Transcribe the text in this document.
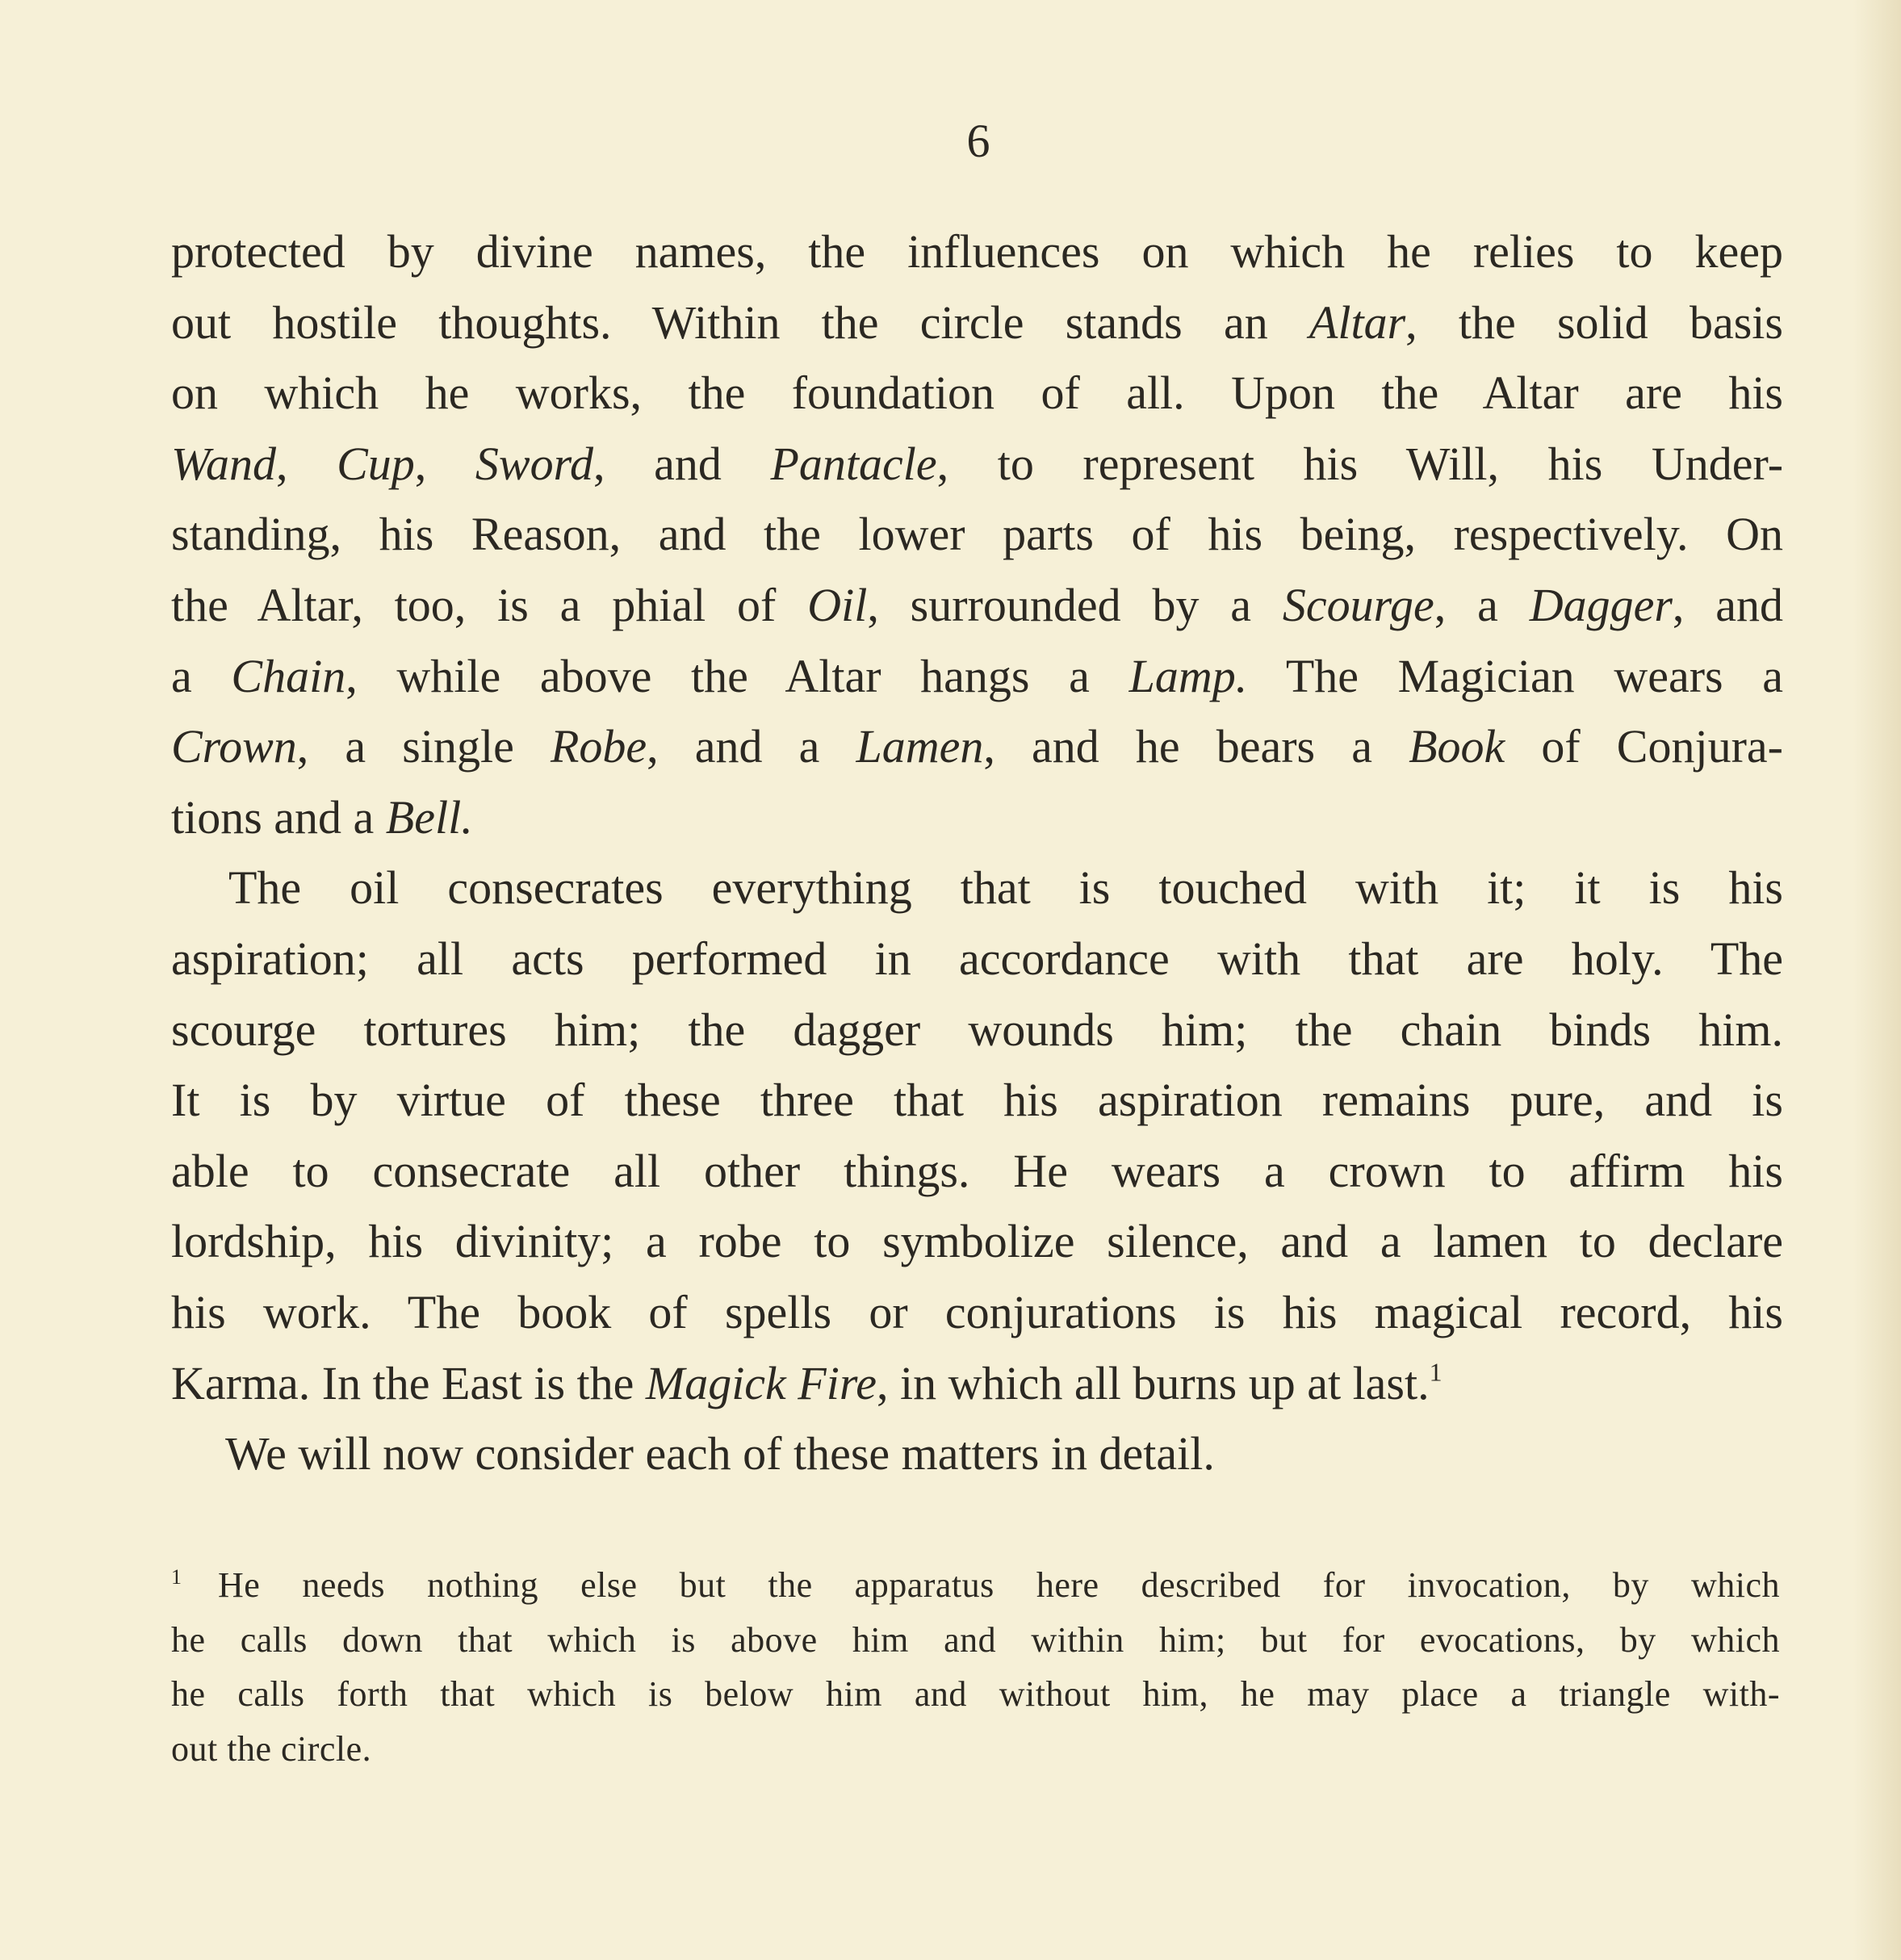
6
protected by divine names, the influences on which he relies to keep
out hostile thoughts. Within the circle stands an Altar, the solid basis
on which he works, the foundation of all. Upon the Altar are his
Wand, Cup, Sword, and Pantacle, to represent his Will, his Under-
standing, his Reason, and the lower parts of his being, respectively. On
the Altar, too, is a phial of Oil, surrounded by a Scourge, a Dagger, and
a Chain, while above the Altar hangs a Lamp. The Magician wears a
Crown, a single Robe, and a Lamen, and he bears a Book of Conjura-
tions and a Bell.
The oil consecrates everything that is touched with it; it is his
aspiration; all acts performed in accordance with that are holy. The
scourge tortures him; the dagger wounds him; the chain binds him.
It is by virtue of these three that his aspiration remains pure, and is
able to consecrate all other things. He wears a crown to affirm his
lordship, his divinity; a robe to symbolize silence, and a lamen to declare
his work. The book of spells or conjurations is his magical record, his
Karma. In the East is the Magick Fire, in which all burns up at last.$^1$
We will now consider each of these matters in detail.
1 He needs nothing else but the apparatus here described for invocation, by which
he calls down that which is above him and within him; but for evocations, by which
he calls forth that which is below him and without him, he may place a triangle with-
out the circle.
